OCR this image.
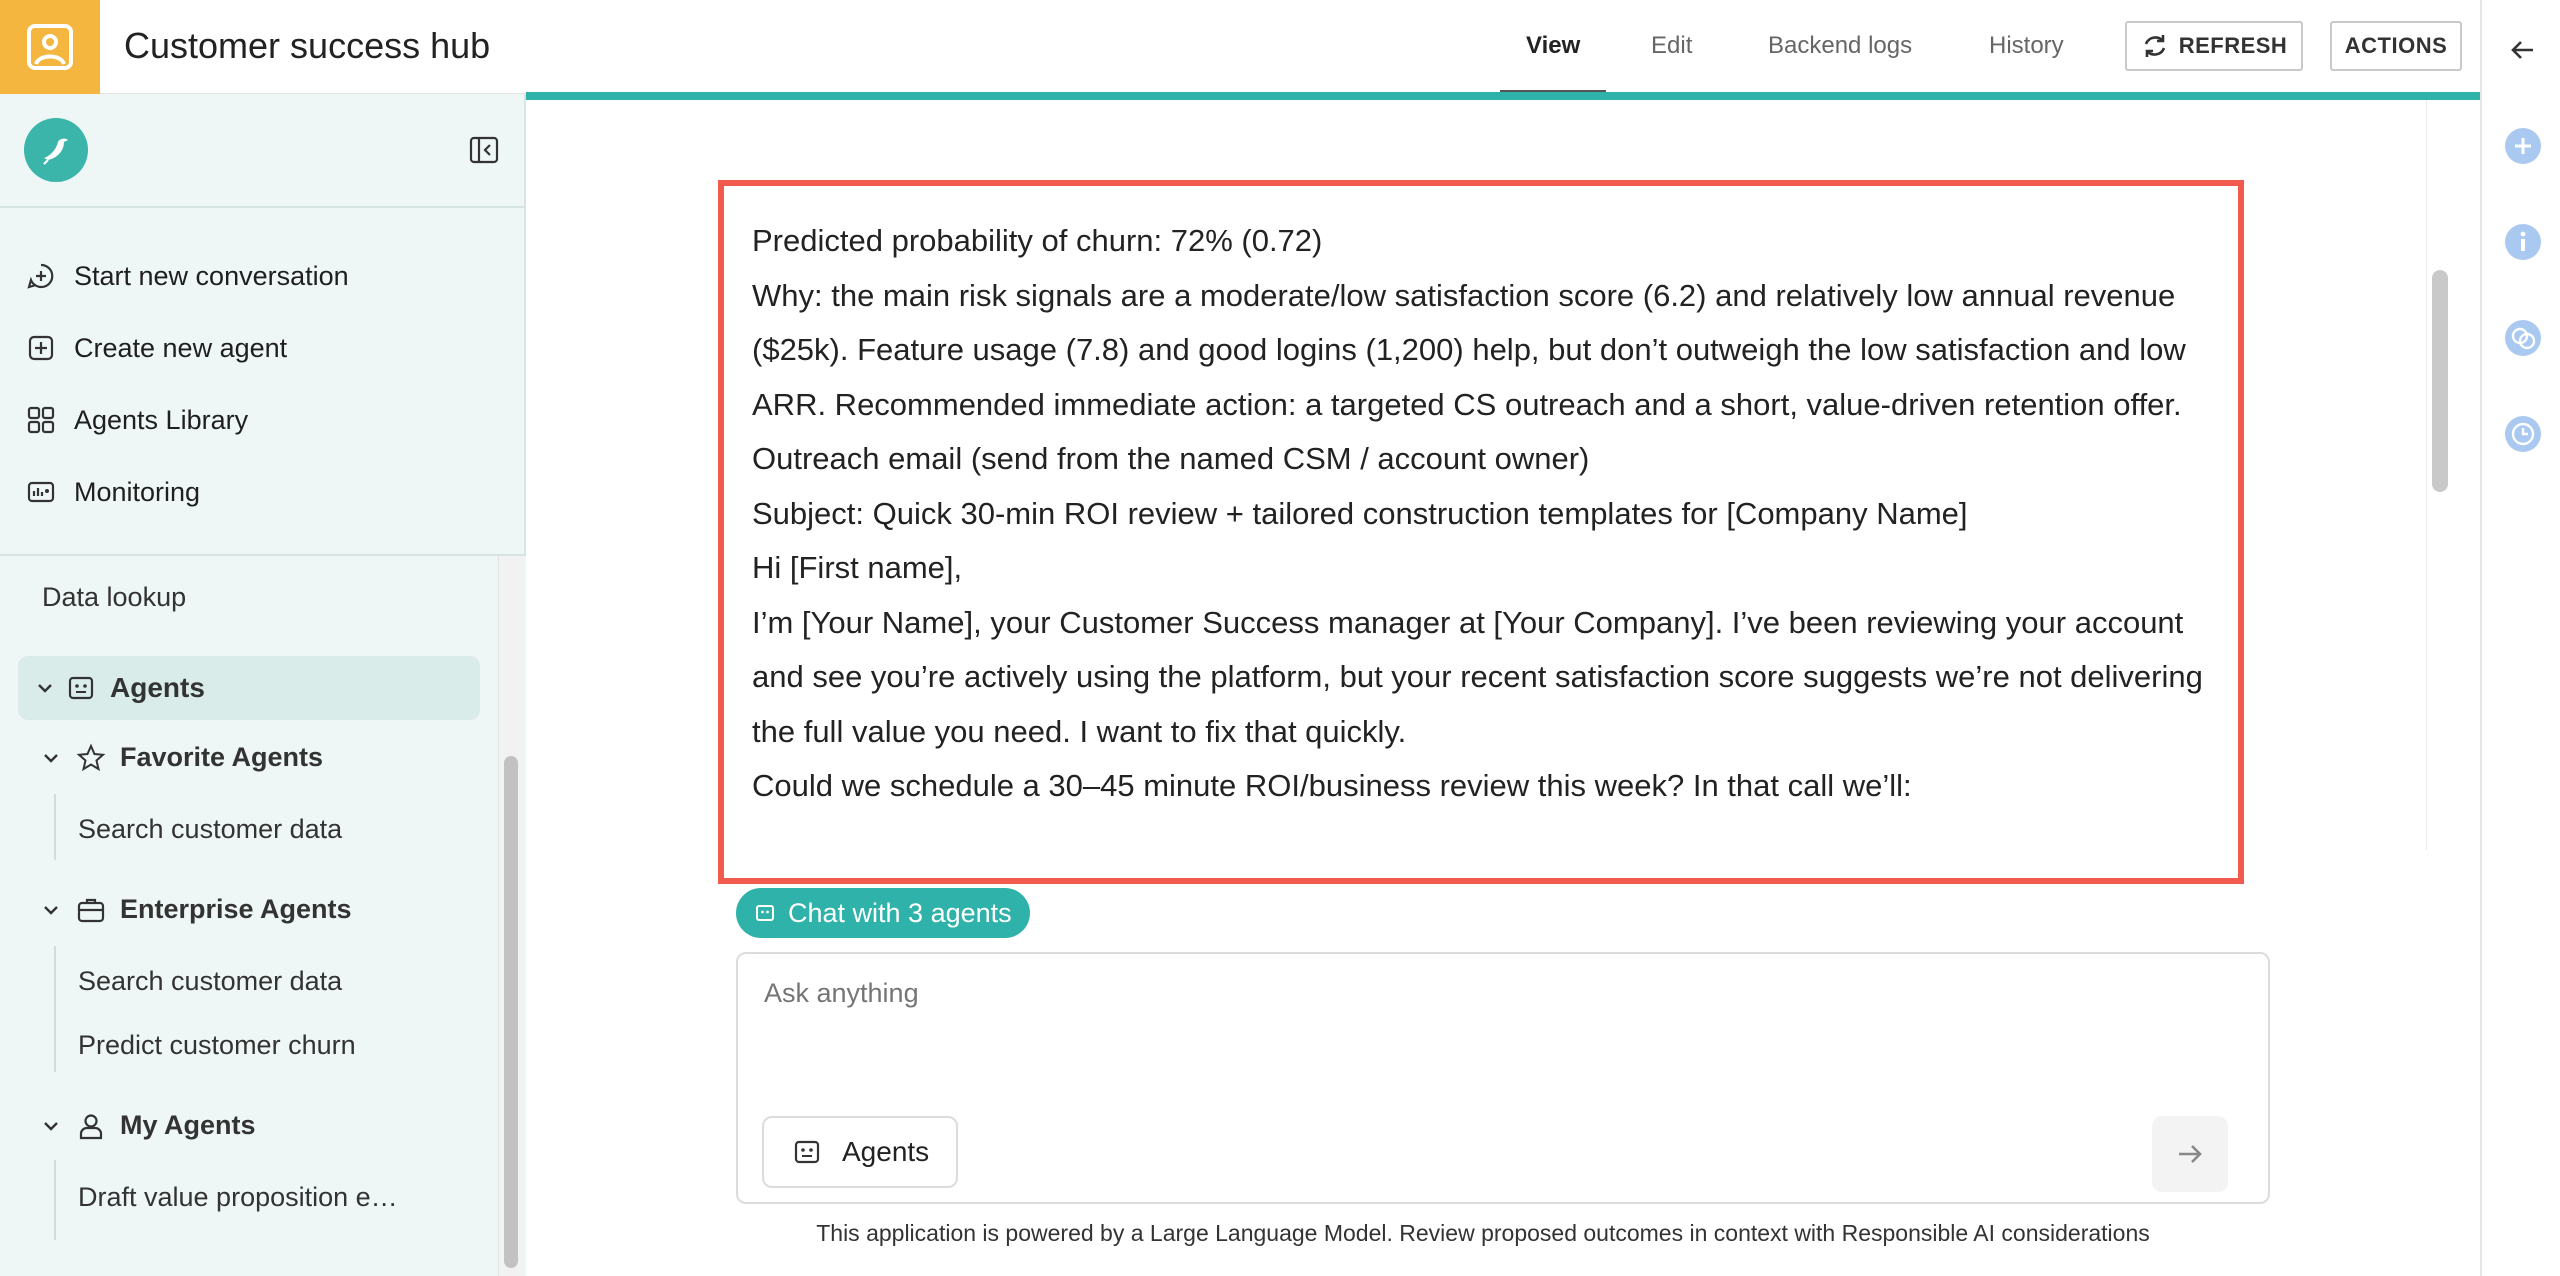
Customer success hub	View	Edit	Backend logs	History	REFRESH	ACTIONS
Start new conversation
Create new agent
Agents Library
Monitoring
Data lookup
Agents
Favorite Agents
Search customer data
Enterprise Agents
Search customer data
Predict customer churn
My Agents
Draft value proposition e…
Predicted probability of churn: 72% (0.72)
Why: the main risk signals are a moderate/low satisfaction score (6.2) and relatively low annual revenue ($25k). Feature usage (7.8) and good logins (1,200) help, but don’t outweigh the low satisfaction and low ARR. Recommended immediate action: a targeted CS outreach and a short, value-driven retention offer.
Outreach email (send from the named CSM / account owner)
Subject: Quick 30-min ROI review + tailored construction templates for [Company Name]
Hi [First name],
I’m [Your Name], your Customer Success manager at [Your Company]. I’ve been reviewing your account and see you’re actively using the platform, but your recent satisfaction score suggests we’re not delivering the full value you need. I want to fix that quickly.
Could we schedule a 30–45 minute ROI/business review this week? In that call we’ll:
Chat with 3 agents
Ask anything
Agents
This application is powered by a Large Language Model. Review proposed outcomes in context with Responsible AI considerations
